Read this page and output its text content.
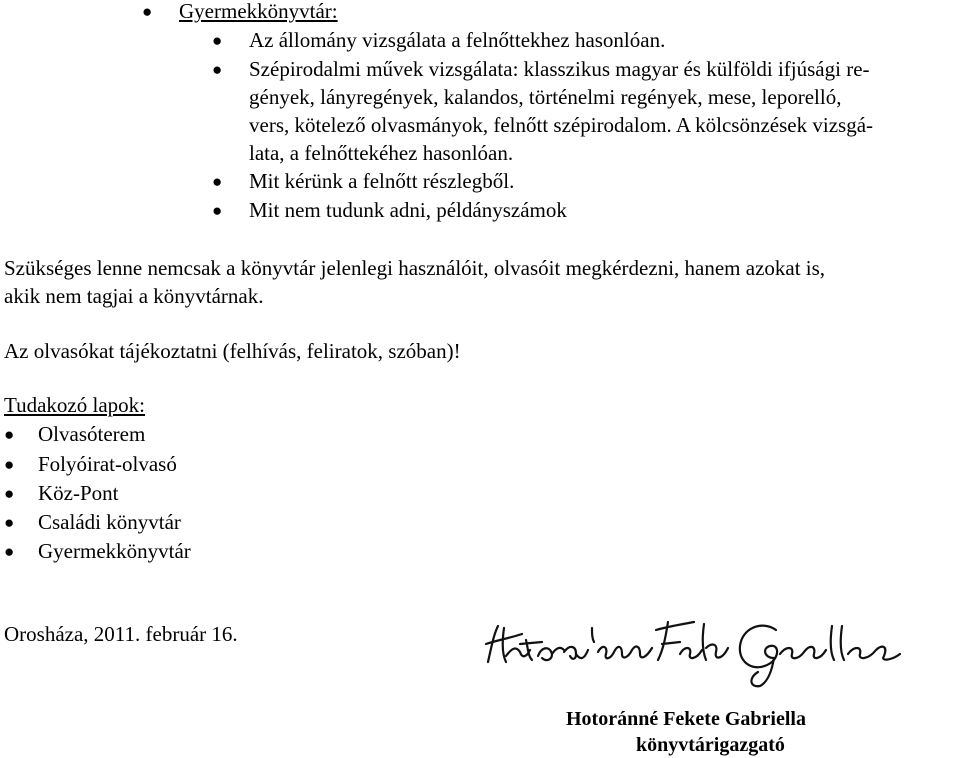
● Gyermekkönyvtár:
● Az állomány vizsgálata a felnőttekhez hasonlóan.
● Szépirodalmi művek vizsgálata: klasszikus magyar és külföldi ifjúsági re-
gények, lányregények, kalandos, történelmi regények, mese, leporelló,
vers, kötelező olvasmányok, felnőtt szépirodalom. A kölcsönzések vizsgá-
lata, a felnőttekéhez hasonlóan.
● Mit kérünk a felnőtt részlegből.
● Mit nem tudunk adni, példányszámok
Szükséges lenne nemcsak a könyvtár jelenlegi használóit, olvasóit megkérdezni, hanem azokat is,
akik nem tagjai a könyvtárnak.
Az olvasókat tájékoztatni (felhívás, feliratok, szóban)!
Tudakozó lapok:
● Olvasóterem
● Folyóirat-olvasó
● Köz-Pont
● Családi könyvtár
● Gyermekkönyvtár
Orosháza, 2011. február 16.
Hotoránné Fekete Gabriella
könyvtárigazgató
